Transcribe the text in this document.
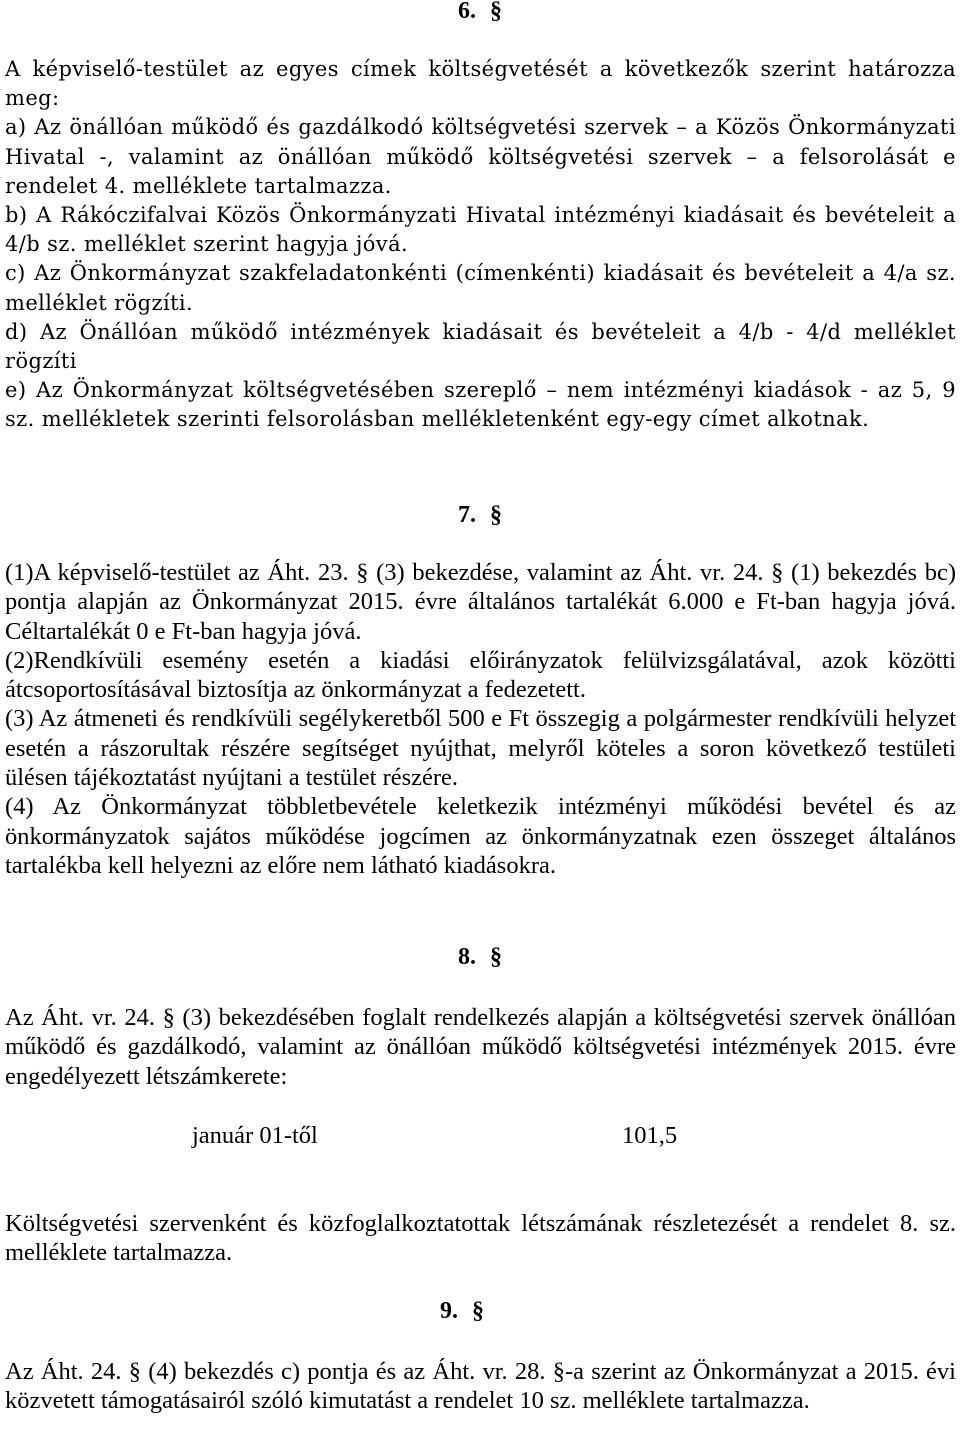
6. §

A képviselő-testület az egyes címek költségvetését a következők szerint határozza meg:

a) Az önállóan működő és gazdálkodó költségvetési szervek – a Közös Önkormányzati Hivatal -, valamint az önállóan működő költségvetési szervek – a felsorolását e rendelet 4. melléklete tartalmazza.

b) A Rákóczifalvai Közös Önkormányzati Hivatal intézményi kiadásait és bevételeit a 4/b sz. melléklet szerint hagyja jóvá.

c) Az Önkormányzat szakfeladatonkénti (címenkénti) kiadásait és bevételeit a 4/a sz. melléklet rögzíti.

d) Az Önállóan működő intézmények kiadásait és bevételeit a 4/b - 4/d melléklet rögzíti

e) Az Önkormányzat költségvetésében szereplő – nem intézményi kiadások - az 5, 9 sz. mellékletek szerinti felsorolásban mellékletenként egy-egy címet alkotnak.

7. §

(1)A képviselő-testület az Áht. 23. § (3) bekezdése, valamint az Áht. vr. 24. § (1) bekezdés bc) pontja alapján az Önkormányzat 2015. évre általános tartalékát 6.000 e Ft-ban hagyja jóvá. Céltartalékát 0 e Ft-ban hagyja jóvá.

(2)Rendkívüli esemény esetén a kiadási előirányzatok felülvizsgálatával, azok közötti átcsoportosításával biztosítja az önkormányzat a fedezetett.

(3) Az átmeneti és rendkívüli segélykeretből 500 e Ft összegig a polgármester rendkívüli helyzet esetén a rászorultak részére segítséget nyújthat, melyről köteles a soron következő testületi ülésen tájékoztatást nyújtani a testület részére.

(4) Az Önkormányzat többletbevétele keletkezik intézményi működési bevétel és az önkormányzatok sajátos működése jogcímen az önkormányzatnak ezen összeget általános tartalékba kell helyezni az előre nem látható kiadásokra.

8. §

Az Áht. vr. 24. § (3) bekezdésében foglalt rendelkezés alapján a költségvetési szervek önállóan működő és gazdálkodó, valamint az önállóan működő költségvetési intézmények 2015. évre engedélyezett létszámkerete:

január 01-től	101,5

Költségvetési szervenként és közfoglalkoztatottak létszámának részletezését a rendelet 8. sz. melléklete tartalmazza.

9. §

Az Áht. 24. § (4) bekezdés c) pontja és az Áht. vr. 28. §-a szerint az Önkormányzat a 2015. évi közvetett támogatásairól szóló kimutatást a rendelet 10 sz. melléklete tartalmazza.
